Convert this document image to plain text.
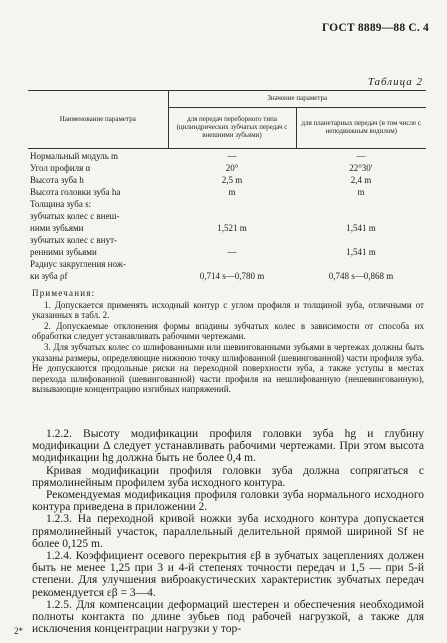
ГОСТ 8889—88 С. 4
Таблица 2
Наименование параметра	Значение параметра	
	для передач переборного типа (цилиндрических зубчатых передач с внешними зубьями)	для планетарных передач (в том числе с неподвижным водилом)
Нормальный модуль m	—	—
Угол профиля α	20°	22°30′
Высота зуба h	2,5 m	2,4 m
Высота головки зуба ha	m	m
Толщина зуба s:		
зубчатых колес с внеш-		
ними зубьями	1,521 m	1,541 m
зубчатых колес с внут-		
ренними зубьями	—	1,541 m
Радиус закругления нож-		
ки зуба ρf	0,714 s—0,780 m	0,748 s—0,868 m
Примечания:

1. Допускается применять исходный контур с углом профиля и толщиной зуба, отличными от указанных в табл. 2.

2. Допускаемые отклонения формы впадины зубчатых колес в зависимости от способа их обработки следует устанавливать рабочими чертежами.

3. Для зубчатых колес со шлифованными или шевингованными зубьями в чертежах должны быть указаны размеры, определяющие нижнюю точку шлифованной (шевингованной) части профиля зуба. Не допускаются продольные риски на переходной поверхности зуба, а также уступы в местах перехода шлифованной (шевингованной) части профиля на нешлифованную (нешевингованную), вызывающие концентрацию изгибных напряжений.

1.2.2. Высоту модификации профиля головки зуба hg и глубину модификации Δ следует устанавливать рабочими чертежами. При этом высота модификации hg должна быть не более 0,4 m.

Кривая модификации профиля головки зуба должна сопрягаться с прямолинейным профилем зуба исходного контура.

Рекомендуемая модификация профиля головки зуба нормального исходного контура приведена в приложении 2.

1.2.3. На переходной кривой ножки зуба исходного контура допускается прямолинейный участок, параллельный делительной прямой шириной Sf не более 0,125 m.

1.2.4. Коэффициент осевого перекрытия εβ в зубчатых зацеплениях должен быть не менее 1,25 при 3 и 4-й степенях точности передач и 1,5 — при 5-й степени. Для улучшения виброакустических характеристик зубчатых передач рекомендуется εβ = 3—4.

1.2.5. Для компенсации деформаций шестерен и обеспечения необходимой полноты контакта по длине зубьев под рабочей нагрузкой, а также для исключения концентрации нагрузки у тор-

2*
